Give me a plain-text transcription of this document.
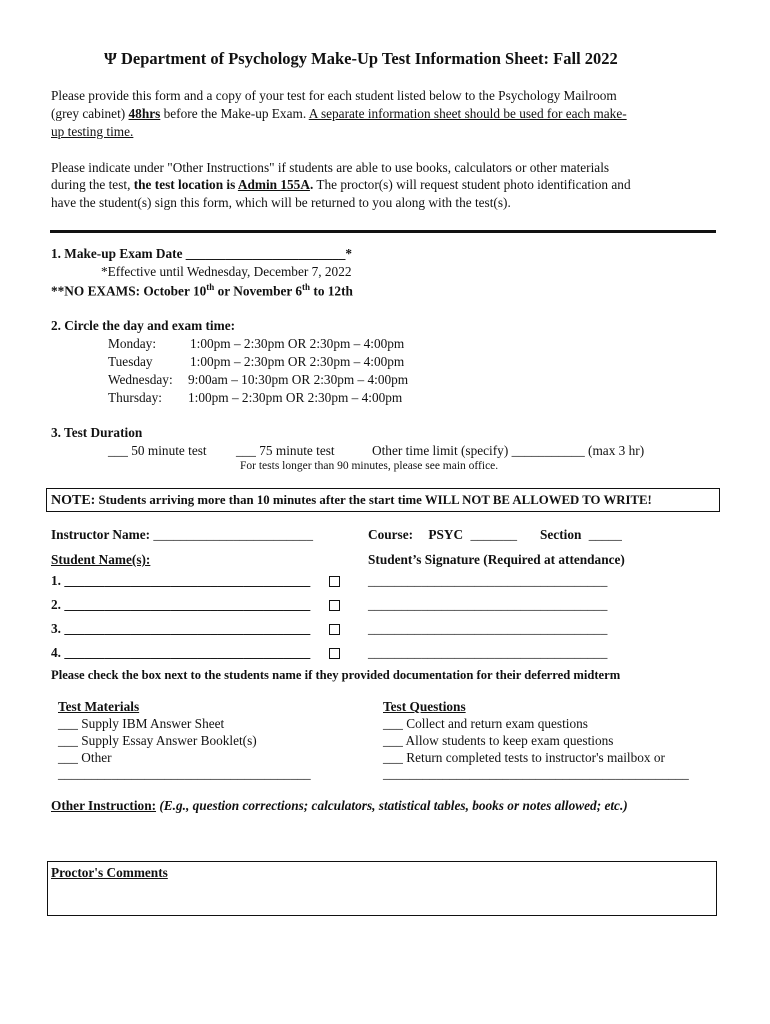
Ψ Department of Psychology Make-Up Test Information Sheet: Fall 2022
Please provide this form and a copy of your test for each student listed below to the Psychology Mailroom
(grey cabinet) 48hrs before the Make-up Exam. A separate information sheet should be used for each make-
up testing time.
Please indicate under "Other Instructions" if students are able to use books, calculators or other materials
during the test, the test location is Admin 155A. The proctor(s) will request student photo identification and
have the student(s) sign this form, which will be returned to you along with the test(s).
1. Make-up Exam Date ________________________*
*Effective until Wednesday, December 7, 2022
**NO EXAMS: October 10th or November 6th to 12th
2. Circle the day and exam time:
Monday:	1:00pm – 2:30pm OR 2:30pm – 4:00pm
Tuesday	1:00pm – 2:30pm OR 2:30pm – 4:00pm
Wednesday: 9:00am – 10:30pm OR 2:30pm – 4:00pm
Thursday: 1:00pm – 2:30pm OR 2:30pm – 4:00pm
3. Test Duration
___ 50 minute test ___ 75 minute test	Other time limit (specify) ___________ (max 3 hr)
For tests longer than 90 minutes, please see main office.
NOTE: Students arriving more than 10 minutes after the start time WILL NOT BE ALLOWED TO WRITE!
Instructor Name: ________________________	Course: PSYC _______ Section _____
Student Name(s):	Student’s Signature (Required at attendance)
1. _____________________________________	____________________________________
2. _____________________________________	____________________________________
3. _____________________________________	____________________________________
4. _____________________________________	____________________________________
Please check the box next to the students name if they provided documentation for their deferred midterm
Test Materials
___ Supply IBM Answer Sheet
___ Supply Essay Answer Booklet(s)
___ Other
______________________________________
Test Questions
___ Collect and return exam questions
___ Allow students to keep exam questions
___ Return completed tests to instructor's mailbox or
______________________________________________
Other Instruction: (E.g., question corrections; calculators, statistical tables, books or notes allowed; etc.)
Proctor's Comments
